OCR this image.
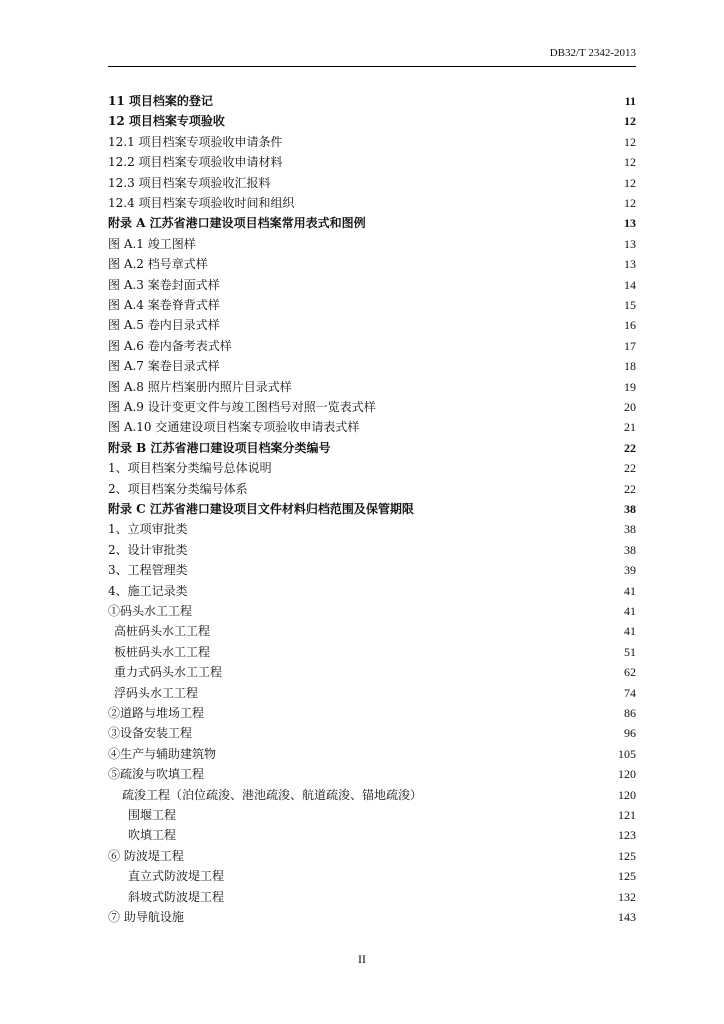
DB32/T 2342-2013
11 项目档案的登记	11
12 项目档案专项验收	12
12.1 项目档案专项验收申请条件	12
12.2 项目档案专项验收申请材料	12
12.3 项目档案专项验收汇报料	12
12.4 项目档案专项验收时间和组织	12
附录 A 江苏省港口建设项目档案常用表式和图例	13
图 A.1 竣工图样	13
图 A.2 档号章式样	13
图 A.3 案卷封面式样	14
图 A.4 案卷脊背式样	15
图 A.5 卷内目录式样	16
图 A.6 卷内备考表式样	17
图 A.7 案卷目录式样	18
图 A.8 照片档案册内照片目录式样	19
图 A.9 设计变更文件与竣工图档号对照一览表式样	20
图 A.10 交通建设项目档案专项验收申请表式样	21
附录 B 江苏省港口建设项目档案分类编号	22
1、项目档案分类编号总体说明	22
2、项目档案分类编号体系	22
附录 C 江苏省港口建设项目文件材料归档范围及保管期限	38
1、立项审批类	38
2、设计审批类	38
3、工程管理类	39
4、施工记录类	41
①码头水工工程	41
高桩码头水工工程	41
板桩码头水工工程	51
重力式码头水工工程	62
浮码头水工工程	74
②道路与堆场工程	86
③设备安装工程	96
④生产与辅助建筑物	105
⑤疏浚与吹填工程	120
疏浚工程（泊位疏浚、港池疏浚、航道疏浚、锚地疏浚）	120
围堰工程	121
吹填工程	123
⑥ 防波堤工程	125
直立式防波堤工程	125
斜坡式防波堤工程	132
⑦ 助导航设施	143
II
